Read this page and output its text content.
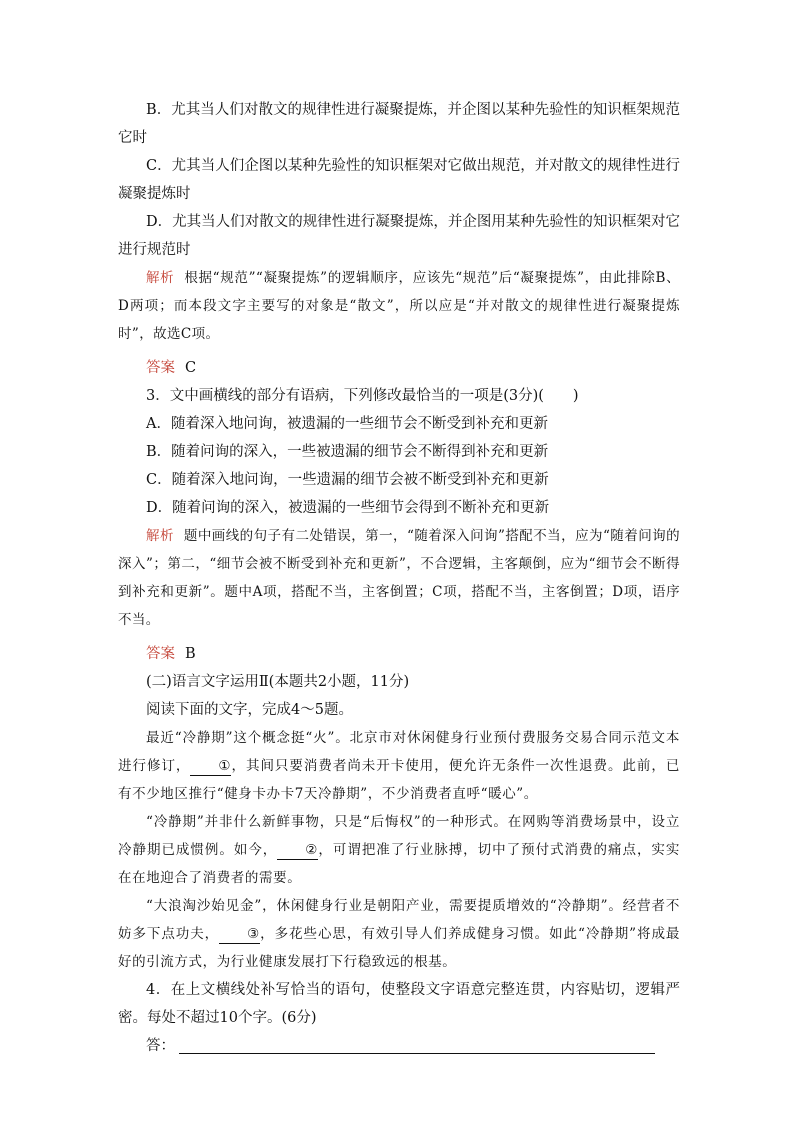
B．尤其当人们对散文的规律性进行凝聚提炼，并企图以某种先验性的知识框架规范它时

C．尤其当人们企图以某种先验性的知识框架对它做出规范，并对散文的规律性进行凝聚提炼时

D．尤其当人们对散文的规律性进行凝聚提炼，并企图用某种先验性的知识框架对它进行规范时

解析 根据“规范”“凝聚提炼”的逻辑顺序，应该先“规范”后“凝聚提炼”，由此排除B、D两项；而本段文字主要写的对象是“散文”，所以应是“并对散文的规律性进行凝聚提炼时”，故选C项。

答案 C

3．文中画横线的部分有语病，下列修改最恰当的一项是(3分)(　　)

A．随着深入地问询，被遗漏的一些细节会不断受到补充和更新

B．随着问询的深入，一些被遗漏的细节会不断得到补充和更新

C．随着深入地问询，一些遗漏的细节会被不断受到补充和更新

D．随着问询的深入，被遗漏的一些细节会得到不断补充和更新

解析 题中画线的句子有二处错误，第一，“随着深入问询”搭配不当，应为“随着问询的深入”；第二，“细节会被不断受到补充和更新”，不合逻辑，主客颠倒，应为“细节会不断得到补充和更新”。题中A项，搭配不当，主客倒置；C项，搭配不当，主客倒置；D项，语序不当。

答案 B

(二)语言文字运用Ⅱ(本题共2小题，11分)

阅读下面的文字，完成4～5题。

最近“冷静期”这个概念挺“火”。北京市对休闲健身行业预付费服务交易合同示范文本进行修订， ①，其间只要消费者尚未开卡使用，便允许无条件一次性退费。此前，已有不少地区推行“健身卡办卡7天冷静期”，不少消费者直呼“暖心”。

“冷静期”并非什么新鲜事物，只是“后悔权”的一种形式。在网购等消费场景中，设立冷静期已成惯例。如今， ②，可谓把准了行业脉搏，切中了预付式消费的痛点，实实在在地迎合了消费者的需要。

“大浪淘沙始见金”，休闲健身行业是朝阳产业，需要提质增效的“冷静期”。经营者不妨多下点功夫， ③，多花些心思，有效引导人们养成健身习惯。如此“冷静期”将成最好的引流方式，为行业健康发展打下行稳致远的根基。

4．在上文横线处补写恰当的语句，使整段文字语意完整连贯，内容贴切，逻辑严密。每处不超过10个字。(6分)

答：
